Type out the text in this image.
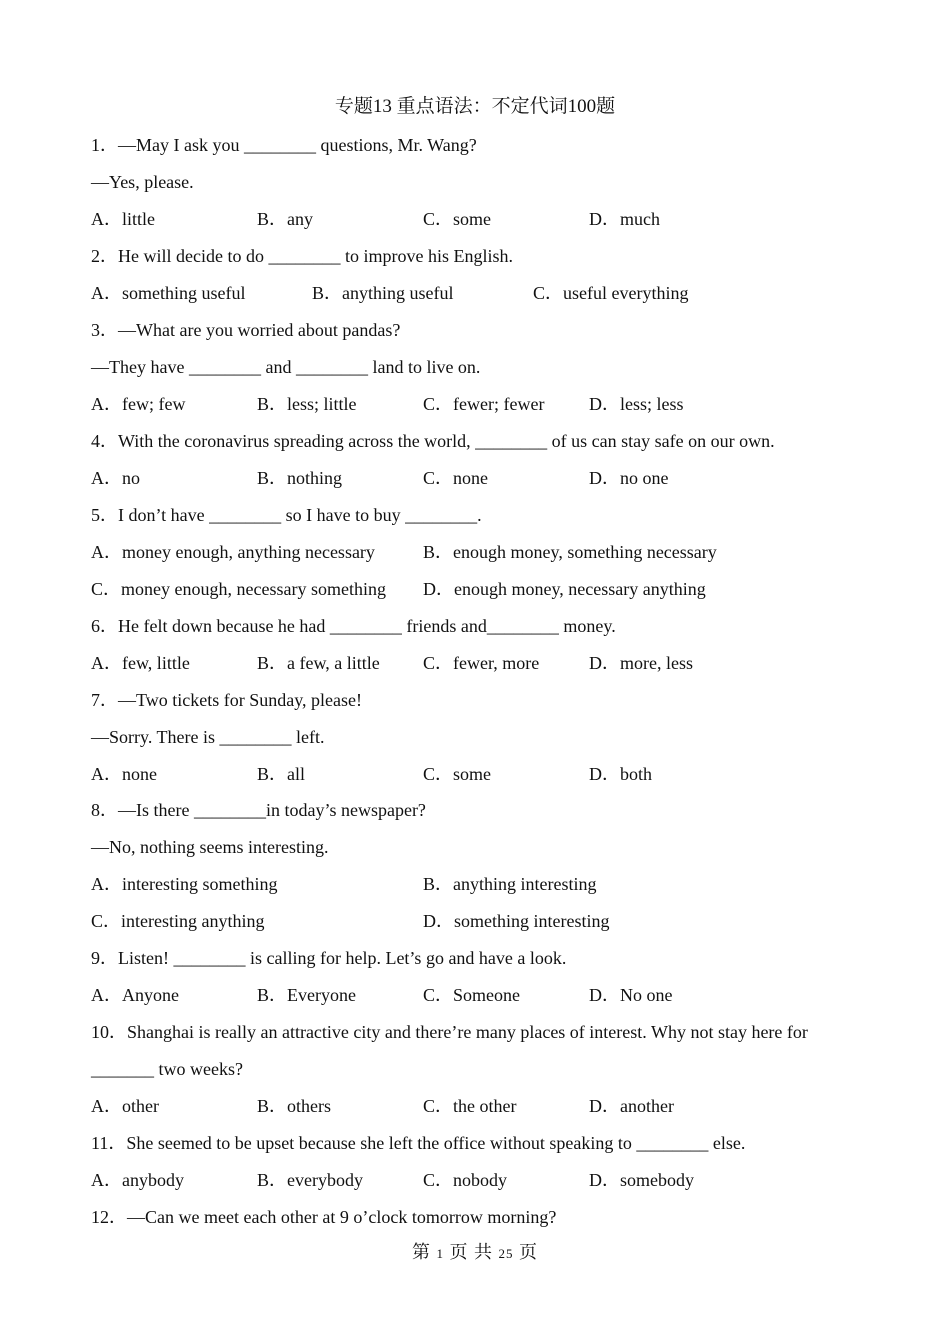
专题13 重点语法：不定代词100题
1．—May I ask you ________ questions, Mr. Wang?
—Yes, please.
A．little	B．any	C．some	D．much
2．He will decide to do ________ to improve his English.
A．something useful	B．anything useful	C．useful everything
3．—What are you worried about pandas?
—They have ________ and ________ land to live on.
A．few; few	B．less; little	C．fewer; fewer D．less; less
4．With the coronavirus spreading across the world, ________ of us can stay safe on our own.
A．no	B．nothing	C．none	D．no one
5．I don’t have ________ so I have to buy ________.
A．money enough, anything necessary	B．enough money, something necessary
C．money enough, necessary something D．enough money, necessary anything
6．He felt down because he had ________ friends and________ money.
A．few, little	B．a few, a little C．fewer, more	D．more, less
7．—Two tickets for Sunday, please!
—Sorry. There is ________ left.
A．none	B．all	C．some	D．both
8．—Is there ________in today’s newspaper?
—No, nothing seems interesting.
A．interesting something	B．anything interesting
C．interesting anything	D．something interesting
9．Listen! ________ is calling for help. Let’s go and have a look.
A．Anyone	B．Everyone	C．Someone	D．No one
10．Shanghai is really an attractive city and there’re many places of interest. Why not stay here for
_______ two weeks?
A．other	B．others	C．the other	D．another
11．She seemed to be upset because she left the office without speaking to ________ else.
A．anybody	B．everybody	C．nobody	D．somebody
12．—Can we meet each other at 9 o’clock tomorrow morning?
第 1 页 共 25 页
